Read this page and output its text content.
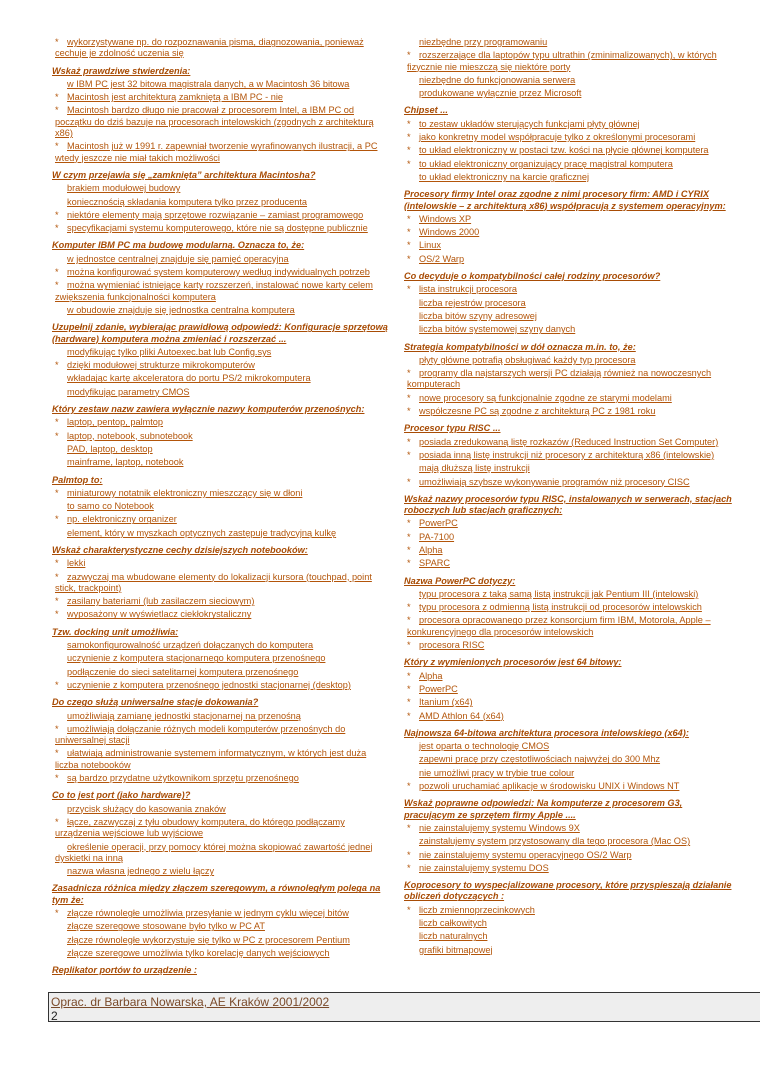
* wykorzystywane np. do rozpoznawania pisma, diagnozowania, ponieważ cechuje je zdolność uczenia się
Wskaż prawdziwe stwierdzenia:
w IBM PC jest 32 bitowa magistrala danych, a w Macintosh 36 bitowa
* Macintosh jest architekturą zamkniętą a IBM PC - nie
* Macintosh bardzo długo nie pracował z procesorem Intel, a IBM PC od początku do dziś bazuje na procesorach intelowskich (zgodnych z architekturą x86)
* Macintosh już w 1991 r. zapewniał tworzenie wyrafinowanych ilustracji, a PC wtedy jeszcze nie miał takich możliwości
W czym przejawia się „zamknięta” architektura Macintosha?
brakiem modułowej budowy
koniecznością składania komputera tylko przez producenta
* niektóre elementy mają sprzętowe rozwiązanie – zamiast programowego
* specyfikacjami systemu komputerowego, które nie są dostępne publicznie
Komputer IBM PC ma budowę modularną. Oznacza to, że:
w jednostce centralnej znajduje się pamięć operacyjna
* można konfigurować system komputerowy według indywidualnych potrzeb
* można wymieniać istniejące karty rozszerzeń, instalować nowe karty celem zwiększenia funkcjonalności komputera
w obudowie znajduje się jednostka centralna komputera
Uzupełnij zdanie, wybierając prawidłową odpowiedź: Konfiguracje sprzętową (hardware) komputera można zmieniać i rozszerzać ...
modyfikując tylko pliki Autoexec.bat lub Config.sys
* dzięki modułowej strukturze mikrokomputerów
wkładając kartę akceleratora do portu PS/2 mikrokomputera
modyfikując parametry CMOS
Który zestaw nazw zawiera wyłącznie nazwy komputerów przenośnych:
* laptop, pentop, palmtop
* laptop, notebook, subnotebook
PAD, laptop, desktop
mainframe, laptop, notebook
Palmtop to:
* miniaturowy notatnik elektroniczny mieszczący się w dłoni
to samo co Notebook
* np. elektroniczny organizer
element, który w myszkach optycznych zastępuje tradycyjną kulkę
Wskaż charakterystyczne cechy dzisiejszych notebooków:
* lekki
* zazwyczaj ma wbudowane elementy do lokalizacji kursora (touchpad, point stick, trackpoint)
* zasilany bateriami (lub zasilaczem sieciowym)
* wyposażony w wyświetlacz ciekłokrystaliczny
Tzw. docking unit umożliwia:
samokonfigurowalność urządzeń dołączanych do komputera
uczynienie z komputera stacjonarnego komputera przenośnego
podłączenie do sieci satelitarnej komputera przenośnego
* uczynienie z komputera przenośnego jednostki stacjonarnej (desktop)
Do czego służą uniwersalne stacje dokowania?
umożliwiają zamianę jednostki stacjonarnej na przenośną
* umożliwiają dołączanie różnych modeli komputerów przenośnych do uniwersalnej stacji
* ułatwiają administrowanie systemem informatycznym, w których jest duża liczba notebooków
* są bardzo przydatne użytkownikom sprzętu przenośnego
Co to jest port (jako hardware)?
przycisk służący do kasowania znaków
* łącze, zazwyczaj z tyłu obudowy komputera, do którego podłączamy urządzenia wejściowe lub wyjściowe
określenie operacji, przy pomocy której można skopiować zawartość jednej dyskietki na inną
nazwa własna jednego z wielu łączy
Zasadnicza różnica między złączem szeregowym, a równoległym polega na tym że:
* złącze równoległe umożliwia przesyłanie w jednym cyklu więcej bitów
złącze szeregowe stosowane było tylko w PC AT
złącze równoległe wykorzystuje się tylko w PC z procesorem Pentium
złącze szeregowe umożliwia tylko korelację danych wejściowych
Replikator portów to urządzenie :
niezbędne przy programowaniu
* rozszerzające dla laptopów typu ultrathin (zminimalizowanych), w których fizycznie nie mieszczą się niektóre porty
niezbędne do funkcjonowania serwera
produkowane wyłącznie przez Microsoft
Chipset ...
* to zestaw układów sterujących funkcjami płyty głównej
* jako konkretny model współpracuje tylko z określonymi procesorami
* to układ elektroniczny w postaci tzw. kości na płycie głównej komputera
* to układ elektroniczny organizujący pracę magistral komputera
to układ elektroniczny na karcie graficznej
Procesory firmy Intel oraz zgodne z nimi procesory firm: AMD i CYRIX (intelowskie – z architekturą x86) współpracują z systemem operacyjnym:
* Windows XP
* Windows 2000
* Linux
* OS/2 Warp
Co decyduje o kompatybilności całej rodziny procesorów?
* lista instrukcji procesora
liczba rejestrów procesora
liczba bitów szyny adresowej
liczba bitów systemowej szyny danych
Strategia kompatybilności w dół oznacza m.in. to, że:
płyty główne potrafią obsługiwać każdy typ procesora
* programy dla najstarszych wersji PC działają również na nowoczesnych komputerach
* nowe procesory są funkcjonalnie zgodne ze starymi modelami
* współczesne PC są zgodne z architekturą PC z 1981 roku
Procesor typu RISC ...
* posiada zredukowaną listę rozkazów (Reduced Instruction Set Computer)
* posiada inną listę instrukcji niż procesory z architekturą x86 (intelowskie)
mają dłuższą listę instrukcji
* umożliwiają szybsze wykonywanie programów niż procesory CISC
Wskaż nazwy procesorów typu RISC, instalowanych w serwerach, stacjach roboczych lub stacjach graficznych:
* PowerPC
* PA-7100
* Alpha
* SPARC
Nazwa PowerPC dotyczy:
typu procesora z taką samą listą instrukcji jak Pentium III (intelowski)
* typu procesora z odmienną listą instrukcji od procesorów intelowskich
* procesora opracowanego przez konsorcjum firm IBM, Motorola, Apple –konkurencyjnego dla procesorów intelowskich
* procesora RISC
Który z wymienionych procesorów jest 64 bitowy:
* Alpha
* PowerPC
* Itanium (x64)
* AMD Athlon 64 (x64)
Najnowsza 64-bitowa architektura procesora intelowskiego (x64):
jest oparta o technologię CMOS
zapewni pracę przy częstotliwościach najwyżej do 300 Mhz
nie umożliwi pracy w trybie true colour
* pozwoli uruchamiać aplikacje w środowisku UNIX i Windows NT
Wskaż poprawne odpowiedzi: Na komputerze z procesorem G3, pracującym ze sprzętem firmy Apple ....
* nie zainstalujemy systemu Windows 9X
zainstalujemy system przystosowany dla tego procesora (Mac OS)
* nie zainstalujemy systemu operacyjnego OS/2 Warp
* nie zainstalujemy systemu DOS
Koprocesory to wyspecjalizowane procesory, które przyspieszają działanie obliczeń dotyczących :
* liczb zmiennoprzecinkowych
liczb całkowitych
liczb naturalnych
grafiki bitmapowej
Oprac. dr Barbara Nowarska, AE Kraków 2001/2002
2
